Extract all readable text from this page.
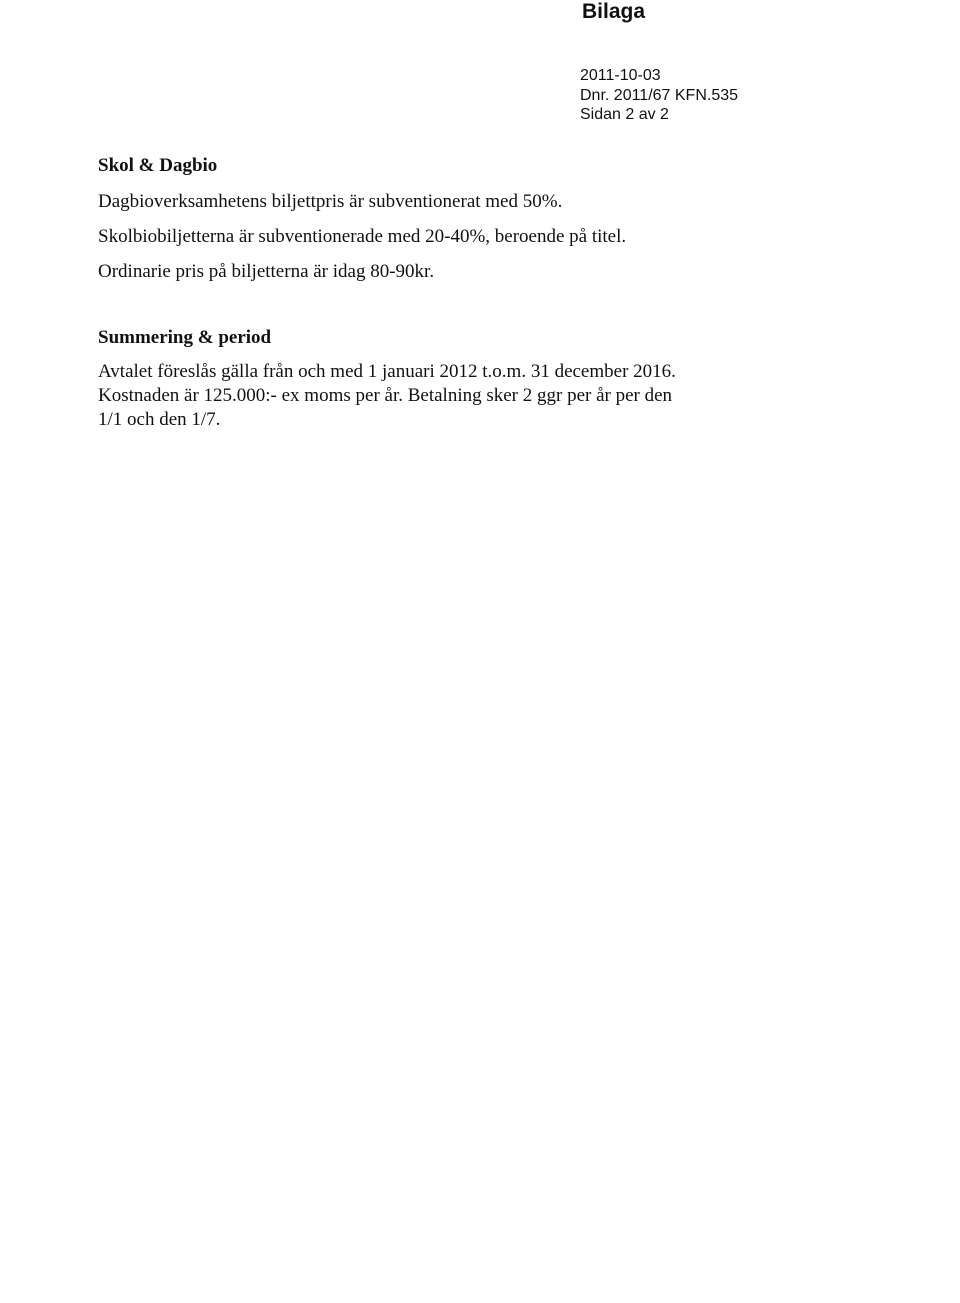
Bilaga
2011-10-03
Dnr. 2011/67 KFN.535
Sidan 2 av 2
Skol & Dagbio

Dagbioverksamhetens biljettpris är subventionerat med 50%.

Skolbiobiljetterna är subventionerade med 20-40%, beroende på titel.

Ordinarie pris på biljetterna är idag 80-90kr.

Summering & period

Avtalet föreslås gälla från och med 1 januari 2012 t.o.m. 31 december 2016.

Kostnaden är 125.000:- ex moms per år. Betalning sker 2 ggr per år per den

1/1 och den 1/7.
